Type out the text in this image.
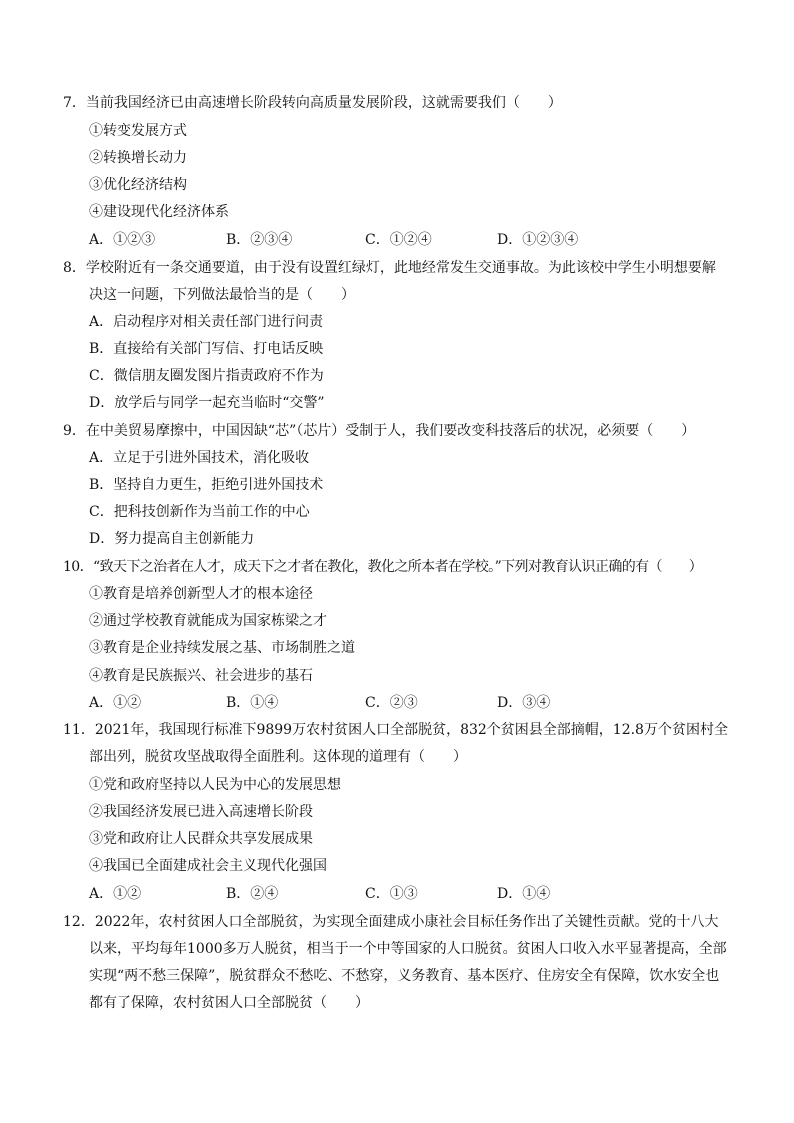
7．当前我国经济已由高速增长阶段转向高质量发展阶段，这就需要我们（　　）
①转变发展方式
②转换增长动力
③优化经济结构
④建设现代化经济体系
A．①②③	B．②③④	C．①②④	D．①②③④
8．学校附近有一条交通要道，由于没有设置红绿灯，此地经常发生交通事故。为此该校中学生小明想要解
决这一问题，下列做法最恰当的是（　　）
A．启动程序对相关责任部门进行问责
B．直接给有关部门写信、打电话反映
C．微信朋友圈发图片指责政府不作为
D．放学后与同学一起充当临时“交警”
9．在中美贸易摩擦中，中国因缺“芯”（芯片）受制于人，我们要改变科技落后的状况，必须要（　　）
A．立足于引进外国技术，消化吸收
B．坚持自力更生，拒绝引进外国技术
C．把科技创新作为当前工作的中心
D．努力提高自主创新能力
10．“致天下之治者在人才，成天下之才者在教化，教化之所本者在学校。”下列对教育认识正确的有（　　）
①教育是培养创新型人才的根本途径
②通过学校教育就能成为国家栋梁之才
③教育是企业持续发展之基、市场制胜之道
④教育是民族振兴、社会进步的基石
A．①②	B．①④	C．②③	D．③④
11．2021年，我国现行标准下9899万农村贫困人口全部脱贫，832个贫困县全部摘帽，12.8万个贫困村全
部出列，脱贫攻坚战取得全面胜利。这体现的道理有（　　）
①党和政府坚持以人民为中心的发展思想
②我国经济发展已进入高速增长阶段
③党和政府让人民群众共享发展成果
④我国已全面建成社会主义现代化强国
A．①②	B．②④	C．①③	D．①④
12．2022年，农村贫困人口全部脱贫，为实现全面建成小康社会目标任务作出了关键性贡献。党的十八大
以来，平均每年1000多万人脱贫，相当于一个中等国家的人口脱贫。贫困人口收入水平显著提高，全部
实现“两不愁三保障”，脱贫群众不愁吃、不愁穿，义务教育、基本医疗、住房安全有保障，饮水安全也
都有了保障，农村贫困人口全部脱贫（　　）
